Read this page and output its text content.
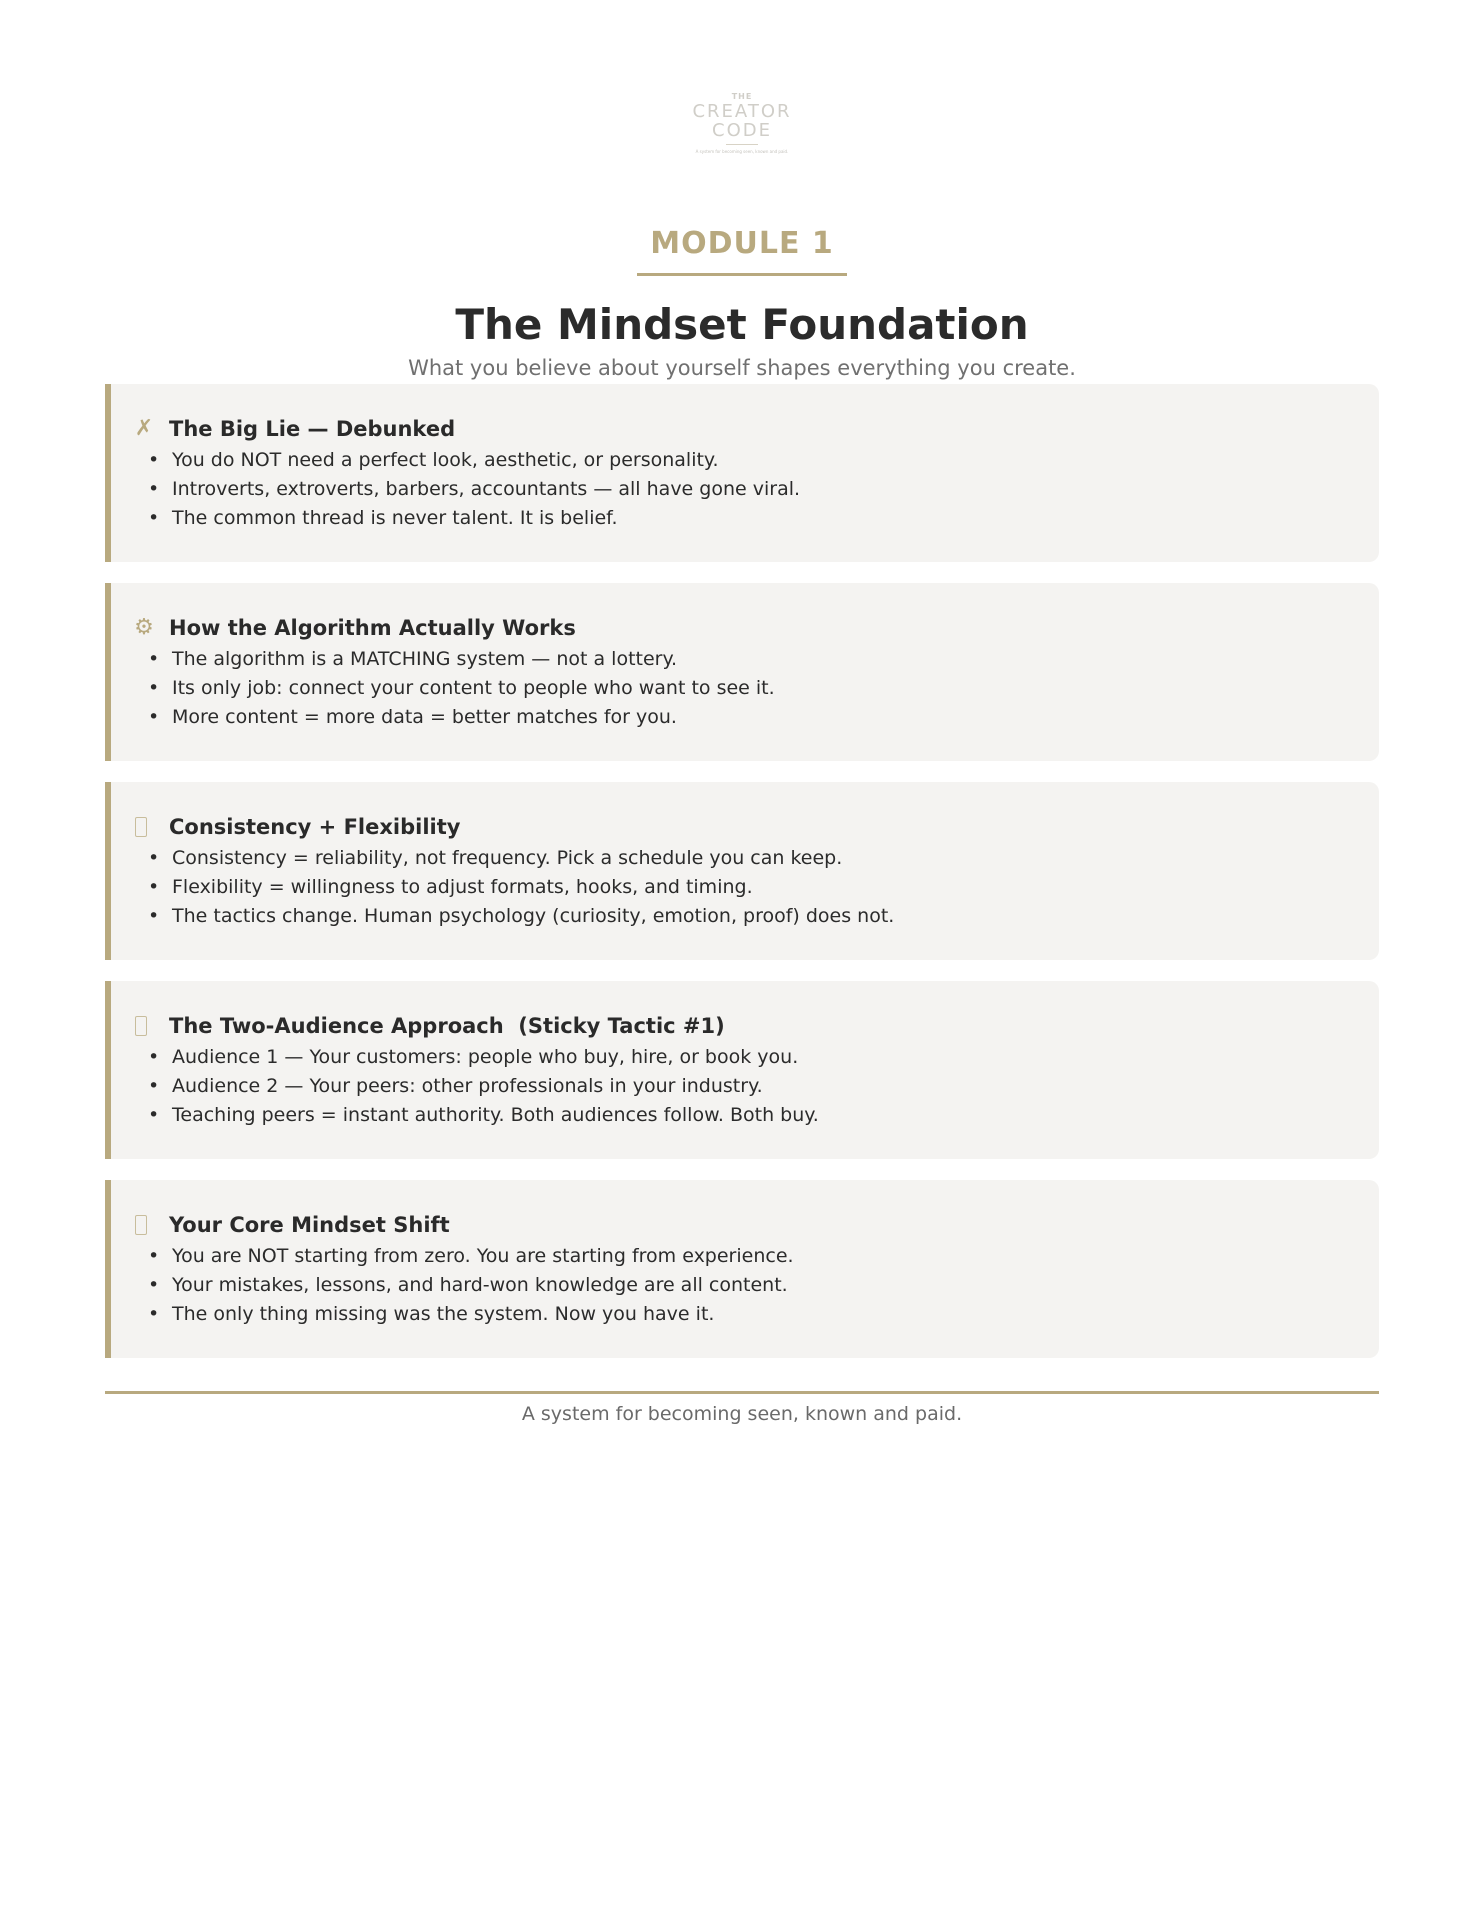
THE
CREATOR
CODE
A system for becoming seen, known and paid.
MODULE 1
The Mindset Foundation
What you believe about yourself shapes everything you create.
✗ The Big Lie — Debunked
• You do NOT need a perfect look, aesthetic, or personality.
• Introverts, extroverts, barbers, accountants — all have gone viral.
• The common thread is never talent. It is belief.
⚙ How the Algorithm Actually Works
• The algorithm is a MATCHING system — not a lottery.
• Its only job: connect your content to people who want to see it.
• More content = more data = better matches for you.
Consistency + Flexibility
• Consistency = reliability, not frequency. Pick a schedule you can keep.
• Flexibility = willingness to adjust formats, hooks, and timing.
• The tactics change. Human psychology (curiosity, emotion, proof) does not.
The Two-Audience Approach  (Sticky Tactic #1)
• Audience 1 — Your customers: people who buy, hire, or book you.
• Audience 2 — Your peers: other professionals in your industry.
• Teaching peers = instant authority. Both audiences follow. Both buy.
Your Core Mindset Shift
• You are NOT starting from zero. You are starting from experience.
• Your mistakes, lessons, and hard-won knowledge are all content.
• The only thing missing was the system. Now you have it.
A system for becoming seen, known and paid.
